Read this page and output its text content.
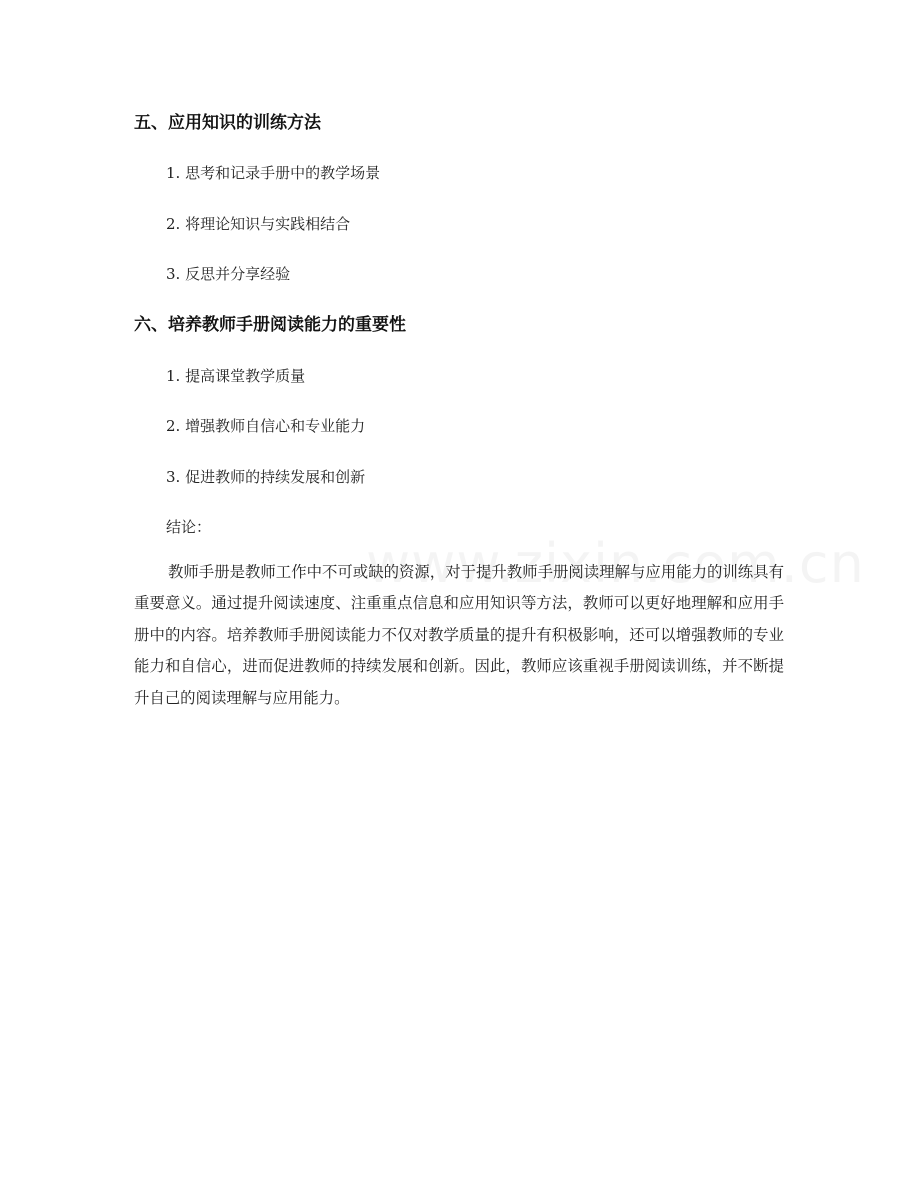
五、应用知识的训练方法
1. 思考和记录手册中的教学场景
2. 将理论知识与实践相结合
3. 反思并分享经验
六、培养教师手册阅读能力的重要性
1. 提高课堂教学质量
2. 增强教师自信心和专业能力
3. 促进教师的持续发展和创新
结论：
教师手册是教师工作中不可或缺的资源，对于提升教师手册阅读理解与应用能力的训练具有重要意义。通过提升阅读速度、注重重点信息和应用知识等方法，教师可以更好地理解和应用手册中的内容。培养教师手册阅读能力不仅对教学质量的提升有积极影响，还可以增强教师的专业能力和自信心，进而促进教师的持续发展和创新。因此，教师应该重视手册阅读训练，并不断提升自己的阅读理解与应用能力。
